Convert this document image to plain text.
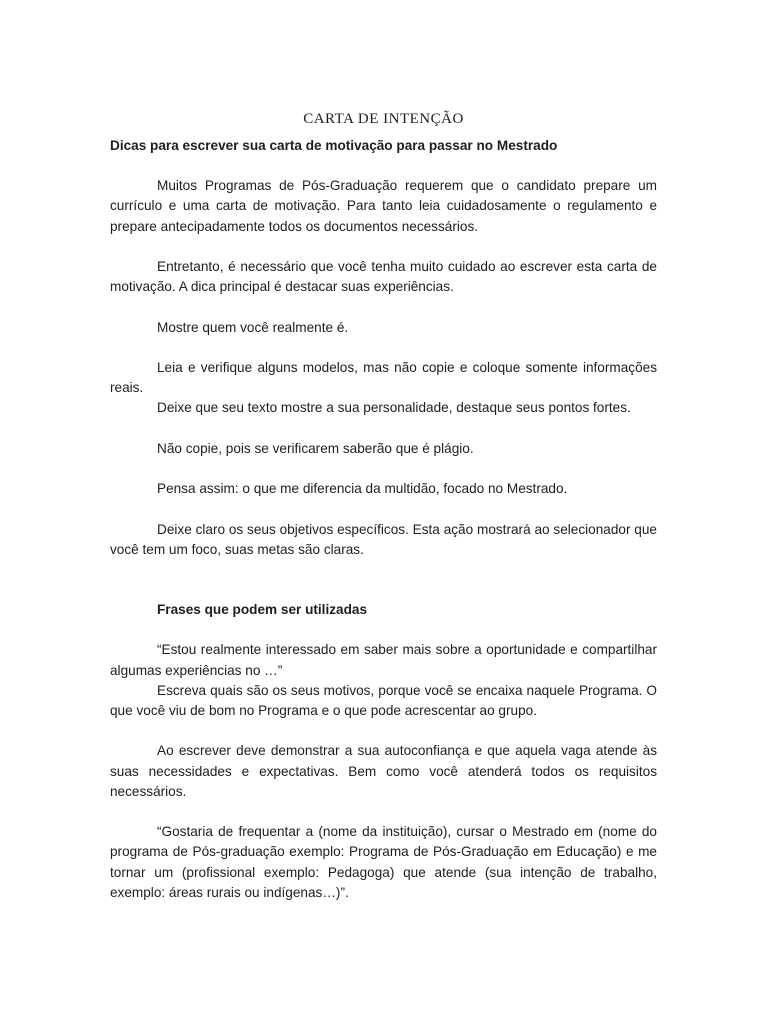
CARTA DE INTENÇÃO

Dicas para escrever sua carta de motivação para passar no Mestrado

Muitos Programas de Pós-Graduação requerem que o candidato prepare um currículo e uma carta de motivação. Para tanto leia cuidadosamente o regulamento e prepare antecipadamente todos os documentos necessários.

Entretanto, é necessário que você tenha muito cuidado ao escrever esta carta de motivação. A dica principal é destacar suas experiências.

Mostre quem você realmente é.

Leia e verifique alguns modelos, mas não copie e coloque somente informações reais.

Deixe que seu texto mostre a sua personalidade, destaque seus pontos fortes.

Não copie, pois se verificarem saberão que é plágio.

Pensa assim: o que me diferencia da multidão, focado no Mestrado.

Deixe claro os seus objetivos específicos. Esta ação mostrará ao selecionador que você tem um foco, suas metas são claras.

Frases que podem ser utilizadas

“Estou realmente interessado em saber mais sobre a oportunidade e compartilhar algumas experiências no …”

Escreva quais são os seus motivos, porque você se encaixa naquele Programa. O que você viu de bom no Programa e o que pode acrescentar ao grupo.

Ao escrever deve demonstrar a sua autoconfiança e que aquela vaga atende às suas necessidades e expectativas. Bem como você atenderá todos os requisitos necessários.

“Gostaria de frequentar a (nome da instituição), cursar o Mestrado em (nome do programa de Pós-graduação exemplo: Programa de Pós-Graduação em Educação) e me tornar um (profissional exemplo: Pedagoga) que atende (sua intenção de trabalho, exemplo: áreas rurais ou indígenas…)”.
